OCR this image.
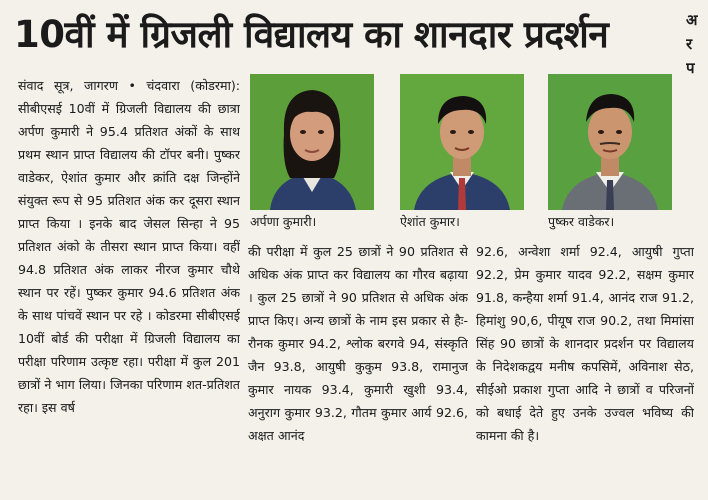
10वीं में ग्रिजली विद्यालय का शानदार प्रदर्शन	अ
र
प
संवाद सूत्र, जागरण • चंदवारा (कोडरमा): सीबीएसई 10वीं में ग्रिजली विद्यालय की छात्रा अर्पण कुमारी ने 95.4 प्रतिशत अंकों के साथ प्रथम स्थान प्राप्त विद्यालय की टॉपर बनी। पुष्कर वाडेकर, ऐशांत कुमार और क्रांति दक्ष जिन्होंने संयुक्त रूप से 95 प्रतिशत अंक कर दूसरा स्थान प्राप्त किया । इनके बाद जेसल सिन्हा ने 95 प्रतिशत अंको के तीसरा स्थान प्राप्त किया। वहीं 94.8 प्रतिशत अंक लाकर नीरज कुमार चौथे स्थान पर रहें। पुष्कर कुमार 94.6 प्रतिशत अंक के साथ पांचवें स्थान पर रहे । कोडरमा सीबीएसई 10वीं बोर्ड की परीक्षा में ग्रिजली विद्यालय का परीक्षा परिणाम उत्कृष्ट रहा। परीक्षा में कुल 201 छात्रों ने भाग लिया। जिनका परिणाम शत-प्रतिशत रहा। इस वर्ष
अर्पणा कुमारी।	ऐशांत कुमार।	पुष्कर वाडेकर।
की परीक्षा में कुल 25 छात्रों ने 90 प्रतिशत से अधिक अंक प्राप्त कर विद्यालय का गौरव बढ़ाया । कुल 25 छात्रों ने 90 प्रतिशत से अधिक अंक प्राप्त किए। अन्य छात्रों के नाम इस प्रकार से हैः- रौनक कुमार 94.2, श्लोक बरगवे 94, संस्कृति जैन 93.8, आयुषी कुकुम 93.8, रामानुज कुमार नायक 93.4, कुमारी खुशी 93.4, अनुराग कुमार 93.2, गौतम कुमार आर्य 92.6, अक्षत आनंद
92.6, अन्वेशा शर्मा 92.4, आयुषी गुप्ता 92.2, प्रेम कुमार यादव 92.2, सक्षम कुमार 91.8, कन्हैया शर्मा 91.4, आनंद राज 91.2, हिमांशु 90,6, पीयूष राज 90.2, तथा मिमांसा सिंह 90 छात्रों के शानदार प्रदर्शन पर विद्यालय के निदेशकद्वय मनीष कपसिमें, अविनाश सेठ, सीईओ प्रकाश गुप्ता आदि ने छात्रों व परिजनों को बधाई देते हुए उनके उज्वल भविष्य की कामना की है।
